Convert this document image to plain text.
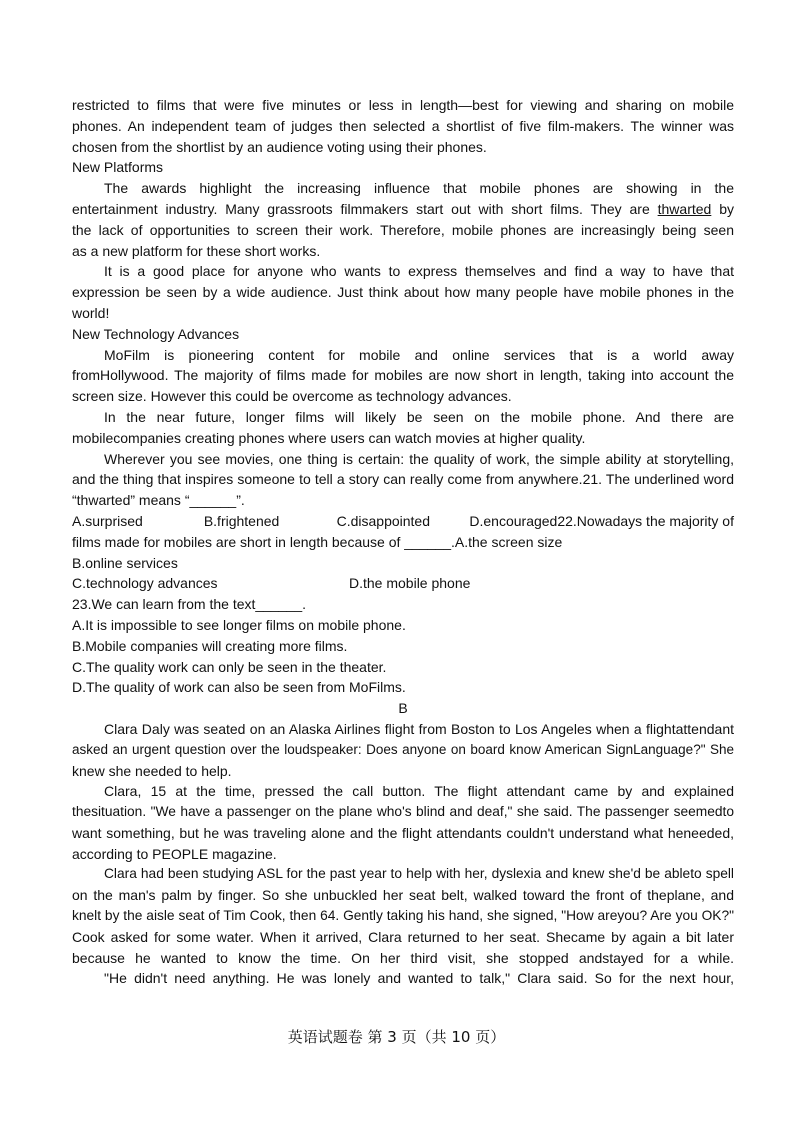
restricted to films that were five minutes or less in length—best for viewing and sharing on mobile
phones. An independent team of judges then selected a shortlist of five film-makers. The winner was
chosen from the shortlist by an audience voting using their phones.
New Platforms
The awards highlight the increasing influence that mobile phones are showing in the
entertainment industry. Many grassroots filmmakers start out with short films. They are thwarted by
the lack of opportunities to screen their work. Therefore, mobile phones are increasingly being seen
as a new platform for these short works.
It is a good place for anyone who wants to express themselves and find a way to have that
expression be seen by a wide audience. Just think about how many people have mobile phones in the
world!
New Technology Advances
MoFilm is pioneering content for mobile and online services that is a world away
fromHollywood. The majority of films made for mobiles are now short in length, taking into account the
screen size. However this could be overcome as technology advances.
In the near future, longer films will likely be seen on the mobile phone. And there are
mobilecompanies creating phones where users can watch movies at higher quality.
Wherever you see movies, one thing is certain: the quality of work, the simple ability at storytelling,
and the thing that inspires someone to tell a story can really come from anywhere.21. The underlined word
“thwarted” means “______”.
A.surprised	B.frightened	C.disappointed	D.encouraged22.Nowadays the majority of
films made for mobiles are short in length because of ______.A.the screen size
B.online services
C.technology advances	D.the mobile phone
23.We can learn from the text______.
A.It is impossible to see longer films on mobile phone.
B.Mobile companies will creating more films.
C.The quality work can only be seen in the theater.
D.The quality of work can also be seen from MoFilms.
B
Clara Daly was seated on an Alaska Airlines flight from Boston to Los Angeles when a flightattendant
asked an urgent question over the loudspeaker: Does anyone on board know American SignLanguage?" She
knew she needed to help.
Clara, 15 at the time, pressed the call button. The flight attendant came by and explained
thesituation. "We have a passenger on the plane who's blind and deaf," she said. The passenger seemedto
want something, but he was traveling alone and the flight attendants couldn't understand what heneeded,
according to PEOPLE magazine.
Clara had been studying ASL for the past year to help with her, dyslexia and knew she'd be ableto spell
on the man's palm by finger. So she unbuckled her seat belt, walked toward the front of theplane, and
knelt by the aisle seat of Tim Cook, then 64. Gently taking his hand, she signed, "How areyou? Are you OK?"
Cook asked for some water. When it arrived, Clara returned to her seat. Shecame by again a bit later
because he wanted to know the time. On her third visit, she stopped andstayed for a while.
"He didn't need anything. He was lonely and wanted to talk," Clara said. So for the next hour,
英语试题卷 第 3 页（共 10 页）
